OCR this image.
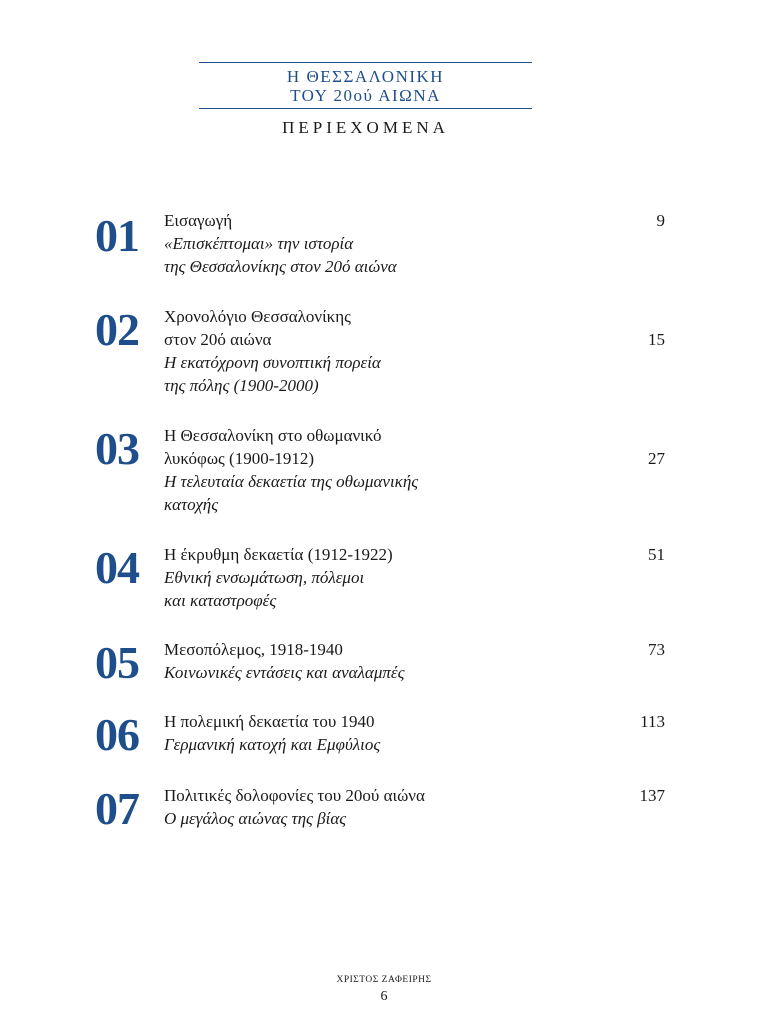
Η ΘΕΣΣΑΛΟΝΙΚΗ
ΤΟΥ 20ού ΑΙΩΝΑ
ΠΕΡΙΕΧΟΜΕΝΑ
01 Εισαγωγή
«Επισκέπτομαι» την ιστορία
της Θεσσαλονίκης στον 20ό αιώνα
9
02 Χρονολόγιο Θεσσαλονίκης
στον 20ό αιώνα
Η εκατόχρονη συνοπτική πορεία
της πόλης (1900-2000)
15
03 Η Θεσσαλονίκη στο οθωμανικό
λυκόφως (1900-1912)
Η τελευταία δεκαετία της οθωμανικής
κατοχής
27
04 Η έκρυθμη δεκαετία (1912-1922)
Εθνική ενσωμάτωση, πόλεμοι
και καταστροφές
51
05 Μεσοπόλεμος, 1918-1940
Κοινωνικές εντάσεις και αναλαμπές
73
06 Η πολεμική δεκαετία του 1940
Γερμανική κατοχή και Εμφύλιος
113
07 Πολιτικές δολοφονίες του 20ού αιώνα
Ο μεγάλος αιώνας της βίας
137
ΧΡΙΣΤΟΣ ΖΑΦΕΙΡΗΣ
6
